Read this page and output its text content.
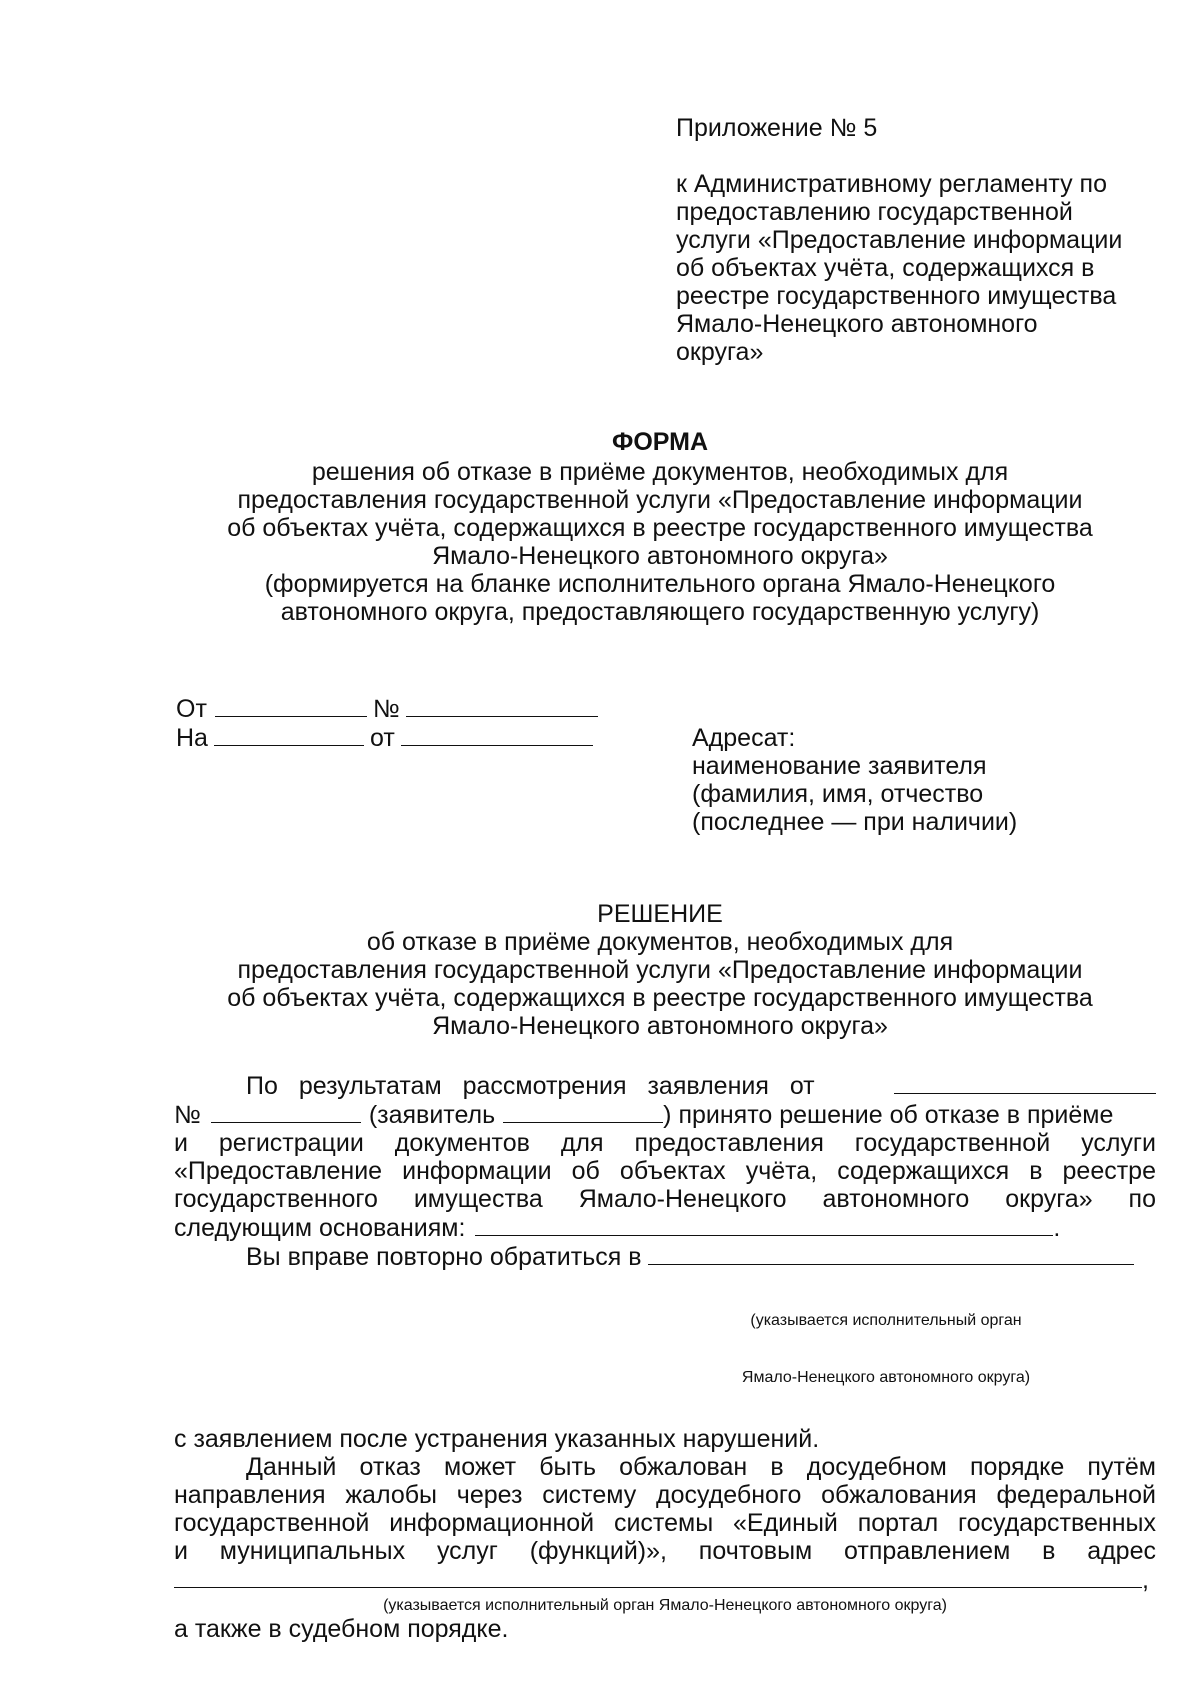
Приложение № 5
к Административному регламенту по
предоставлению государственной
услуги «Предоставление информации
об объектах учёта, содержащихся в
реестре государственного имущества
Ямало-Ненецкого автономного
округа»
ФОРМА
решения об отказе в приёме документов, необходимых для
предоставления государственной услуги «Предоставление информации
об объектах учёта, содержащихся в реестре государственного имущества
Ямало-Ненецкого автономного округа»
(формируется на бланке исполнительного органа Ямало-Ненецкого
автономного округа, предоставляющего государственную услугу)
От	№
На	от	Адресат:
наименование заявителя
(фамилия, имя, отчество
(последнее — при наличии)
РЕШЕНИЕ
об отказе в приёме документов, необходимых для
предоставления государственной услуги «Предоставление информации
об объектах учёта, содержащихся в реестре государственного имущества
Ямало-Ненецкого автономного округа»
По результатам рассмотрения заявления от
№	(заявитель	) принято решение об отказе в приёме
и регистрации документов для предоставления государственной услуги
«Предоставление информации об объектах учёта, содержащихся в реестре
государственного имущества Ямало-Ненецкого автономного округа» по
следующим основаниям:	.
Вы вправе повторно обратиться в

(указывается исполнительный орган

Ямало-Ненецкого автономного округа)

с заявлением после устранения указанных нарушений.
Данный отказ может быть обжалован в досудебном порядке путём
направления жалобы через систему досудебного обжалования федеральной
государственной информационной системы «Единый портал государственных
и муниципальных услуг (функций)», почтовым отправлением в адрес
,
(указывается исполнительный орган Ямало-Ненецкого автономного округа)
а также в судебном порядке.
